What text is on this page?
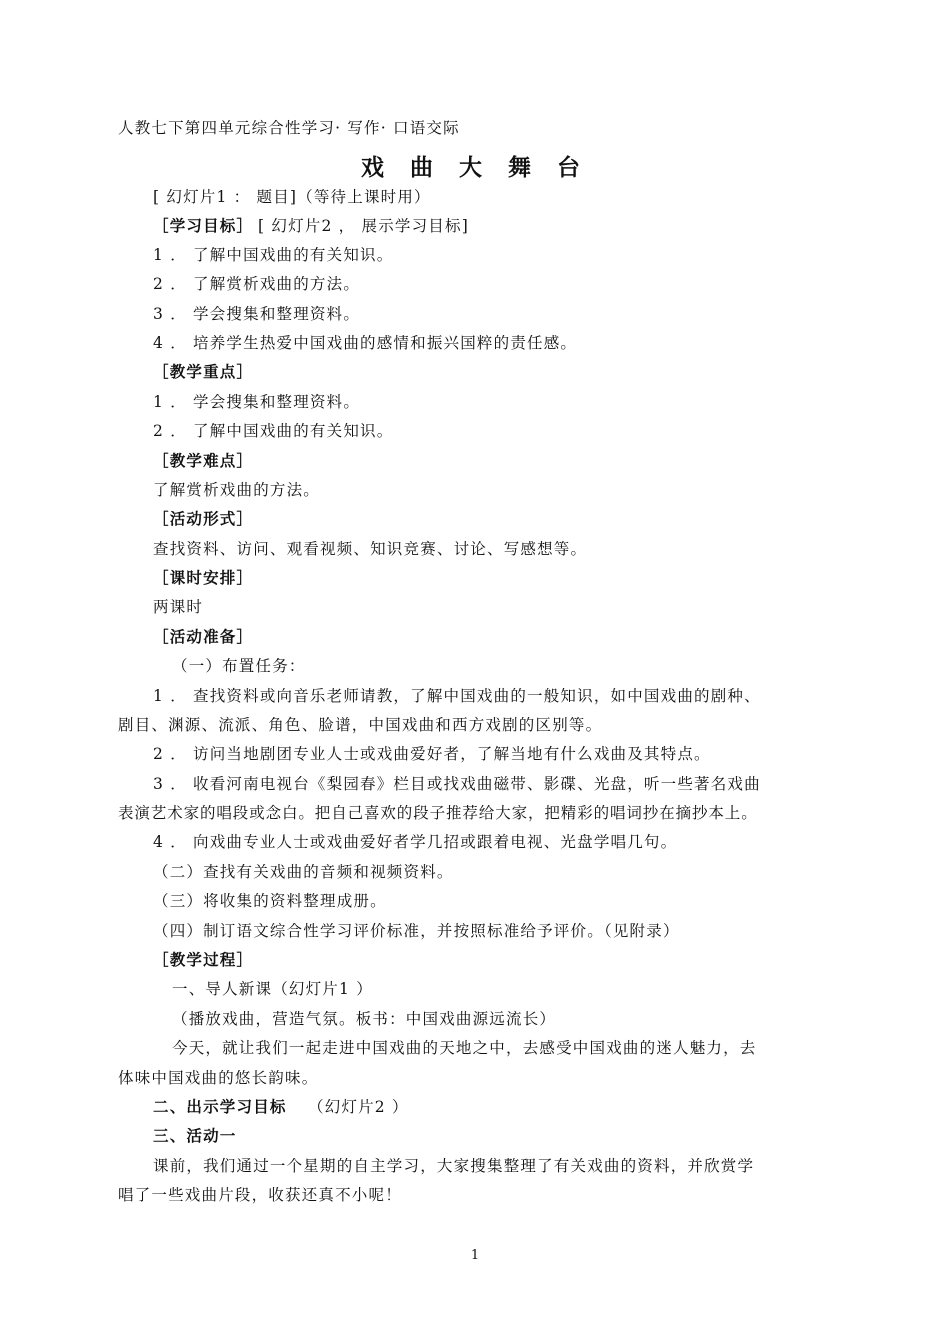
人教七下第四单元综合性学习· 写作· 口语交际
戏 曲 大 舞 台
[ 幻灯片1 ： 题目]（等待上课时用）
［学习目标］ [ 幻灯片2 ， 展示学习目标]
1 ． 了解中国戏曲的有关知识。
2 ． 了解赏析戏曲的方法。
3 ． 学会搜集和整理资料。
4 ． 培养学生热爱中国戏曲的感情和振兴国粹的责任感。
［教学重点］
1 ． 学会搜集和整理资料。
2 ． 了解中国戏曲的有关知识。
［教学难点］
了解赏析戏曲的方法。
［活动形式］
查找资料、访问、观看视频、知识竞赛、讨论、写感想等。
［课时安排］
两课时
［活动准备］
（一）布置任务：
1 ． 查找资料或向音乐老师请教，了解中国戏曲的一般知识，如中国戏曲的剧种、
剧目、渊源、流派、角色、脸谱，中国戏曲和西方戏剧的区别等。
2 ． 访问当地剧团专业人士或戏曲爱好者，了解当地有什么戏曲及其特点。
3 ． 收看河南电视台《梨园春》栏目或找戏曲磁带、影碟、光盘，听一些著名戏曲
表演艺术家的唱段或念白。把自己喜欢的段子推荐给大家，把精彩的唱词抄在摘抄本上。
4 ． 向戏曲专业人士或戏曲爱好者学几招或跟着电视、光盘学唱几句。
（二）查找有关戏曲的音频和视频资料。
（三）将收集的资料整理成册。
（四）制订语文综合性学习评价标准，并按照标准给予评价。（见附录）
［教学过程］
一、导人新课（幻灯片1 ）
（播放戏曲，营造气氛。板书：中国戏曲源远流长）
今天，就让我们一起走进中国戏曲的天地之中，去感受中国戏曲的迷人魅力，去
体味中国戏曲的悠长韵味。
二、出示学习目标 （幻灯片2 ）
三、活动一
课前，我们通过一个星期的自主学习，大家搜集整理了有关戏曲的资料，并欣赏学
唱了一些戏曲片段，收获还真不小呢！
1
